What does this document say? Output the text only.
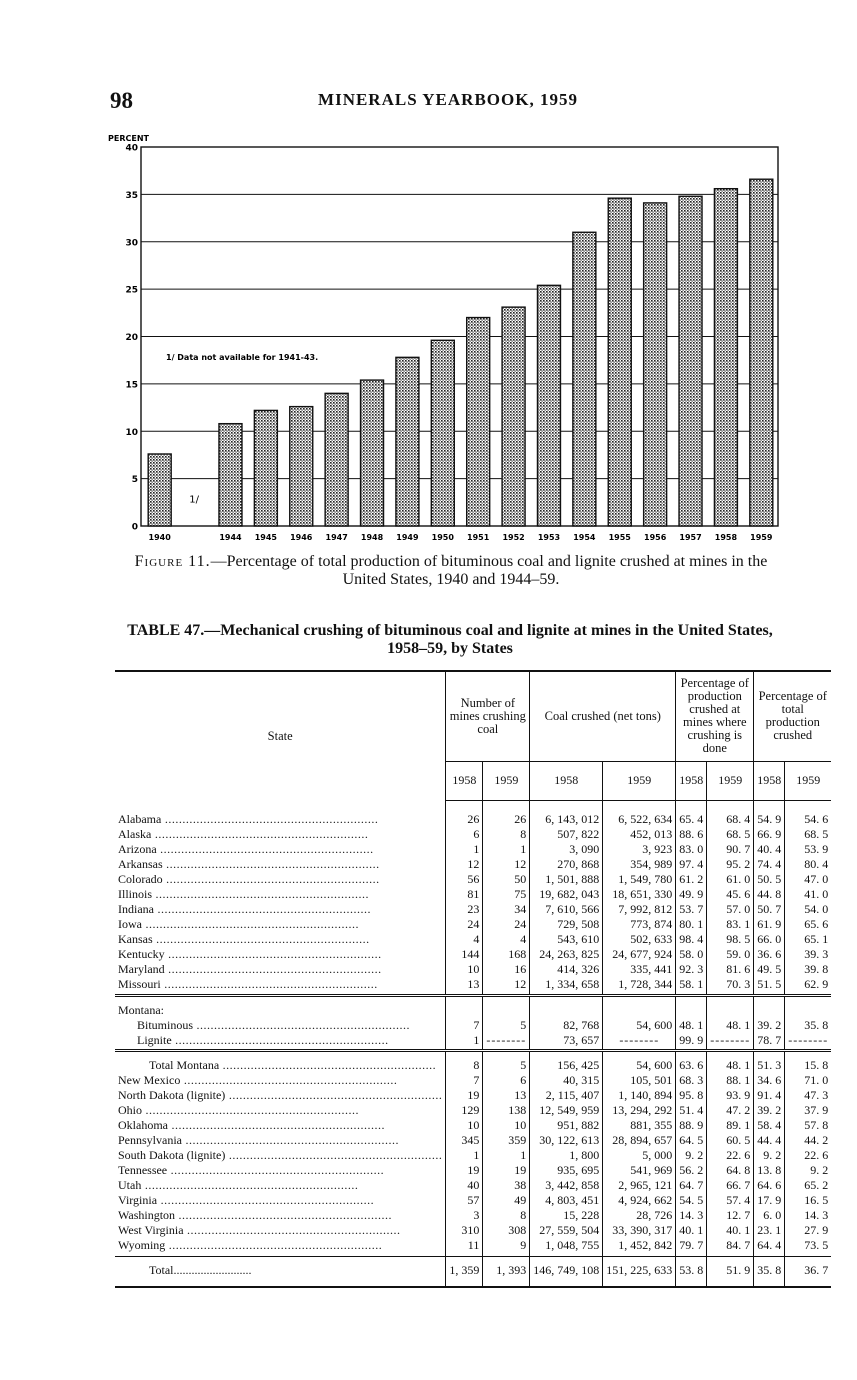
98	MINERALS YEARBOOK, 1959
PERCENT
0
5
10
15
20
25
30
35
40
1940	1944 1945 1946 1947 1948 1949 1950 1951 1952 1953 1954 1955 1956 1957 1958 1959
1/
1/ Data not available for 1941-43.
Figure 11.—Percentage of total production of bituminous coal and lignite crushed at mines in the United States, 1940 and 1944–59.
TABLE 47.—Mechanical crushing of bituminous coal and lignite at mines in the United States, 1958–59, by States
State	Number of mines crushing coal		Coal crushed (net tons)		Percentage of production crushed at mines where crushing is done		Percentage of total production crushed	
	1958	1959	1958	1959	1958	1959	1958	1959

Alabama .....	26	26	6, 143, 012	6, 522, 634	65. 4	68. 4	54. 9	54. 6
Alaska .....	6	8	507, 822	452, 013	88. 6	68. 5	66. 9	68. 5
Arizona .....	1	1	3, 090	3, 923	83. 0	90. 7	40. 4	53. 9
Arkansas .....	12	12	270, 868	354, 989	97. 4	95. 2	74. 4	80. 4
Colorado .....	56	50	1, 501, 888	1, 549, 780	61. 2	61. 0	50. 5	47. 0
Illinois .....	81	75	19, 682, 043	18, 651, 330	49. 9	45. 6	44. 8	41. 0
Indiana .....	23	34	7, 610, 566	7, 992, 812	53. 7	57. 0	50. 7	54. 0
Iowa .....	24	24	729, 508	773, 874	80. 1	83. 1	61. 9	65. 6
Kansas .....	4	4	543, 610	502, 633	98. 4	98. 5	66. 0	65. 1
Kentucky .....	144	168	24, 263, 825	24, 677, 924	58. 0	59. 0	36. 6	39. 3
Maryland .....	10	16	414, 326	335, 441	92. 3	81. 6	49. 5	39. 8
Missouri .....	13	12	1, 334, 658	1, 728, 344	58. 1	70. 3	51. 5	62. 9

Montana:								
Bituminous .....	7	5	82, 768	54, 600	48. 1	48. 1	39. 2	35. 8
Lignite .....	1	--------	73, 657	--------	99. 9	--------	78. 7	--------

Total Montana .....	8	5	156, 425	54, 600	63. 6	48. 1	51. 3	15. 8
New Mexico .....	7	6	40, 315	105, 501	68. 3	88. 1	34. 6	71. 0
North Dakota (lignite) .....	19	13	2, 115, 407	1, 140, 894	95. 8	93. 9	91. 4	47. 3
Ohio .....	129	138	12, 549, 959	13, 294, 292	51. 4	47. 2	39. 2	37. 9
Oklahoma .....	10	10	951, 882	881, 355	88. 9	89. 1	58. 4	57. 8
Pennsylvania .....	345	359	30, 122, 613	28, 894, 657	64. 5	60. 5	44. 4	44. 2
South Dakota (lignite) .....	1	1	1, 800	5, 000	9. 2	22. 6	9. 2	22. 6
Tennessee .....	19	19	935, 695	541, 969	56. 2	64. 8	13. 8	9. 2
Utah .....	40	38	3, 442, 858	2, 965, 121	64. 7	66. 7	64. 6	65. 2
Virginia .....	57	49	4, 803, 451	4, 924, 662	54. 5	57. 4	17. 9	16. 5
Washington .....	3	8	15, 228	28, 726	14. 3	12. 7	6. 0	14. 3
West Virginia .....	310	308	27, 559, 504	33, 390, 317	40. 1	40. 1	23. 1	27. 9
Wyoming .....	11	9	1, 048, 755	1, 452, 842	79. 7	84. 7	64. 4	73. 5

Total..........................	1, 359	1, 393	146, 749, 108	151, 225, 633	53. 8	51. 9	35. 8	36. 7
